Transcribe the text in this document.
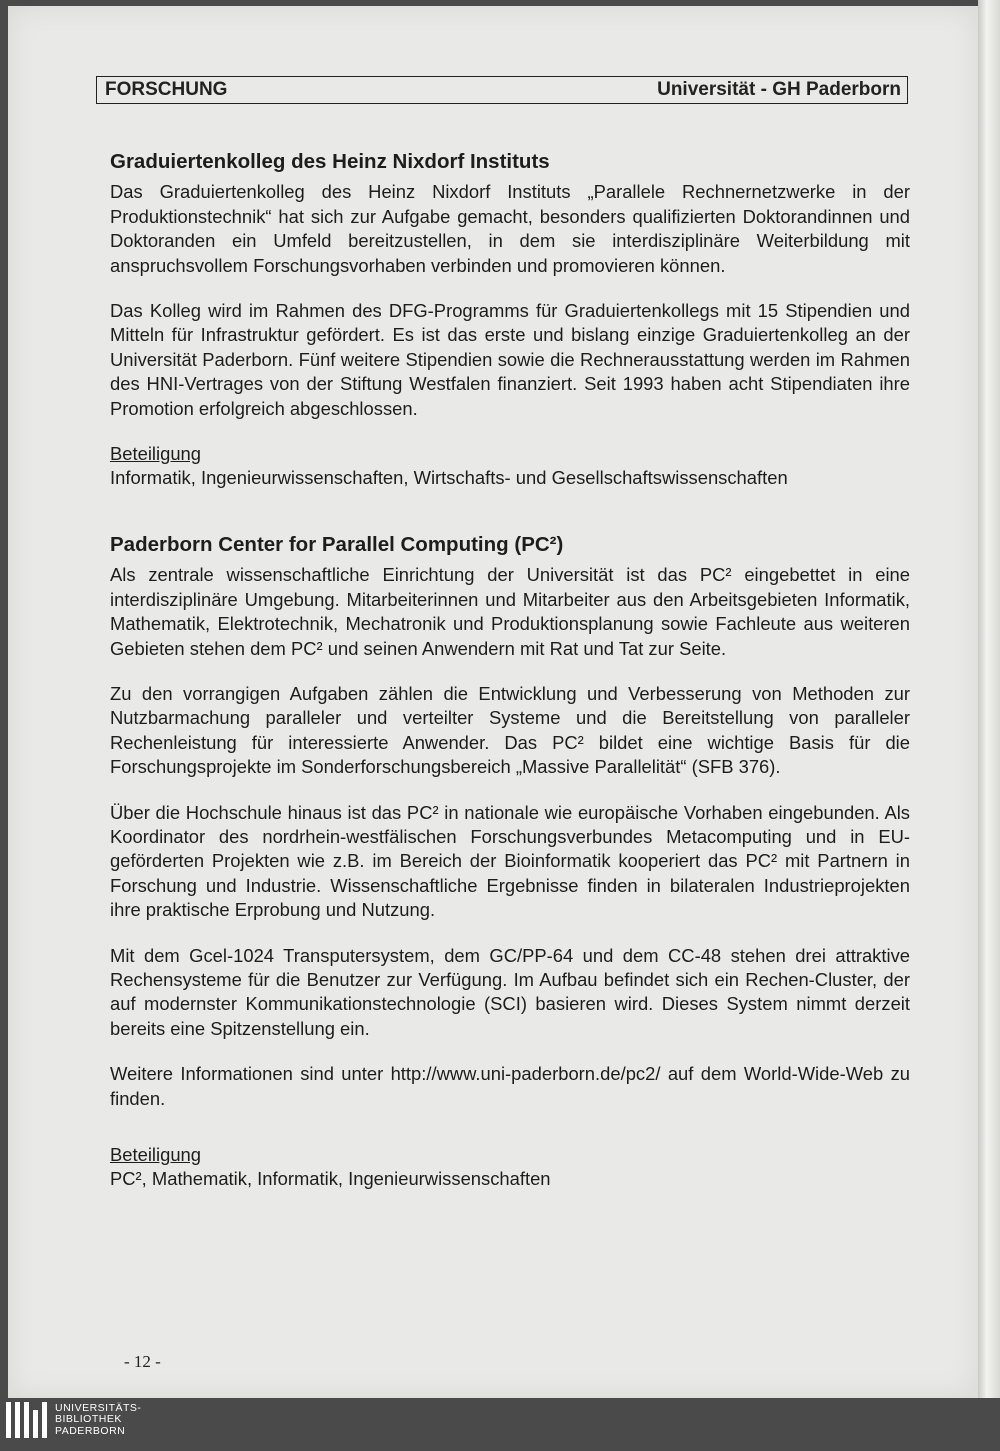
FORSCHUNG	Universität - GH Paderborn
Graduiertenkolleg des Heinz Nixdorf Instituts

Das Graduiertenkolleg des Heinz Nixdorf Instituts „Parallele Rechnernetzwerke in der Produktionstechnik“ hat sich zur Aufgabe gemacht, besonders qualifizierten Doktorandinnen und Doktoranden ein Umfeld bereitzustellen, in dem sie interdisziplinäre Weiterbildung mit anspruchsvollem Forschungsvorhaben verbinden und promovieren können.

Das Kolleg wird im Rahmen des DFG-Programms für Graduiertenkollegs mit 15 Stipendien und Mitteln für Infrastruktur gefördert. Es ist das erste und bislang einzige Graduiertenkolleg an der Universität Paderborn. Fünf weitere Stipendien sowie die Rechnerausstattung werden im Rahmen des HNI-Vertrages von der Stiftung Westfalen finanziert. Seit 1993 haben acht Stipendiaten ihre Promotion erfolgreich abgeschlossen.

Beteiligung
Informatik, Ingenieurwissenschaften, Wirtschafts- und Gesellschaftswissenschaften
Paderborn Center for Parallel Computing (PC²)

Als zentrale wissenschaftliche Einrichtung der Universität ist das PC² eingebettet in eine interdisziplinäre Umgebung. Mitarbeiterinnen und Mitarbeiter aus den Arbeitsgebieten Informatik, Mathematik, Elektrotechnik, Mechatronik und Produktionsplanung sowie Fachleute aus weiteren Gebieten stehen dem PC² und seinen Anwendern mit Rat und Tat zur Seite.

Zu den vorrangigen Aufgaben zählen die Entwicklung und Verbesserung von Methoden zur Nutzbarmachung paralleler und verteilter Systeme und die Bereitstellung von paralleler Rechenleistung für interessierte Anwender. Das PC² bildet eine wichtige Basis für die Forschungsprojekte im Sonderforschungsbereich „Massive Parallelität“ (SFB 376).

Über die Hochschule hinaus ist das PC² in nationale wie europäische Vorhaben eingebunden. Als Koordinator des nordrhein-westfälischen Forschungsverbundes Metacomputing und in EU-geförderten Projekten wie z.B. im Bereich der Bioinformatik kooperiert das PC² mit Partnern in Forschung und Industrie. Wissenschaftliche Ergebnisse finden in bilateralen Industrieprojekten ihre praktische Erprobung und Nutzung.

Mit dem Gcel-1024 Transputersystem, dem GC/PP-64 und dem CC-48 stehen drei attraktive Rechensysteme für die Benutzer zur Verfügung. Im Aufbau befindet sich ein Rechen-Cluster, der auf modernster Kommunikationstechnologie (SCI) basieren wird. Dieses System nimmt derzeit bereits eine Spitzenstellung ein.

Weitere Informationen sind unter http://www.uni-paderborn.de/pc2/ auf dem World-Wide-Web zu finden.

Beteiligung
PC², Mathematik, Informatik, Ingenieurwissenschaften
- 12 -
UNIVERSITÄTS-
BIBLIOTHEK
PADERBORN
